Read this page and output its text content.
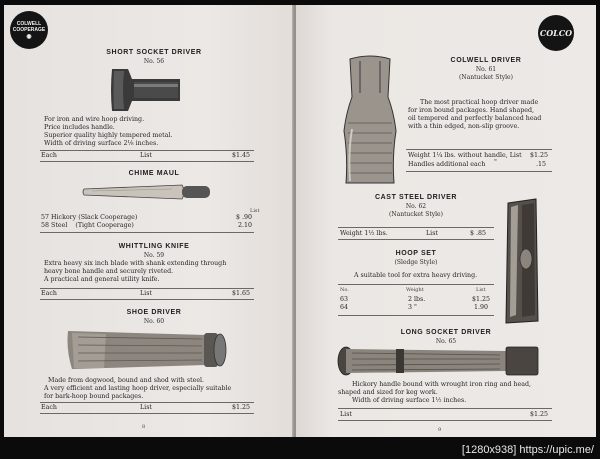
COLWELL
COOPERAGE
◉
SHORT SOCKET DRIVER
No. 56
For iron and wire hoop driving.
Price includes handle.
Superior quality highly tempered metal.
Width of driving surface 2⅛ inches.
Each	List	$1.45
CHIME MAUL
List
57 Hickory (Slack Cooperage)	$ .90
58 Steel (Tight Cooperage)	2.10
WHITTLING KNIFE
No. 59
Extra heavy six inch blade with shank extending through
heavy bone handle and securely riveted.
A practical and general utility knife.
Each	List	$1.65
SHOE DRIVER
No. 60
Made from dogwood, bound and shod with steel.
A very efficient and lasting hoop driver, especially suitable
for bark-hoop bound packages.
Each	List	$1.25
8
COLCO
COLWELL DRIVER
No. 61
(Nantucket Style)
The most practical hoop driver made
for iron bound packages. Hand shaped,
oil tempered and perfectly balanced head
with a thin edged, non-slip groove.
Weight 1¼ lbs. without handle, List $1.25
Handles additional each "	.15
CAST STEEL DRIVER
No. 62
(Nantucket Style)
Weight 1½ lbs.	List	$ .85
HOOP SET
(Sledge Style)
A suitable tool for extra heavy driving.
No.	Weight	List
63	2 lbs.	$1.25
64	3 "	1.90
LONG SOCKET DRIVER
No. 65
Hickory handle bound with wrought iron ring and head,
shaped and sized for keg work.
Width of driving surface 1½ inches.
List	$1.25
9
[1280x938] https://upic.me/
